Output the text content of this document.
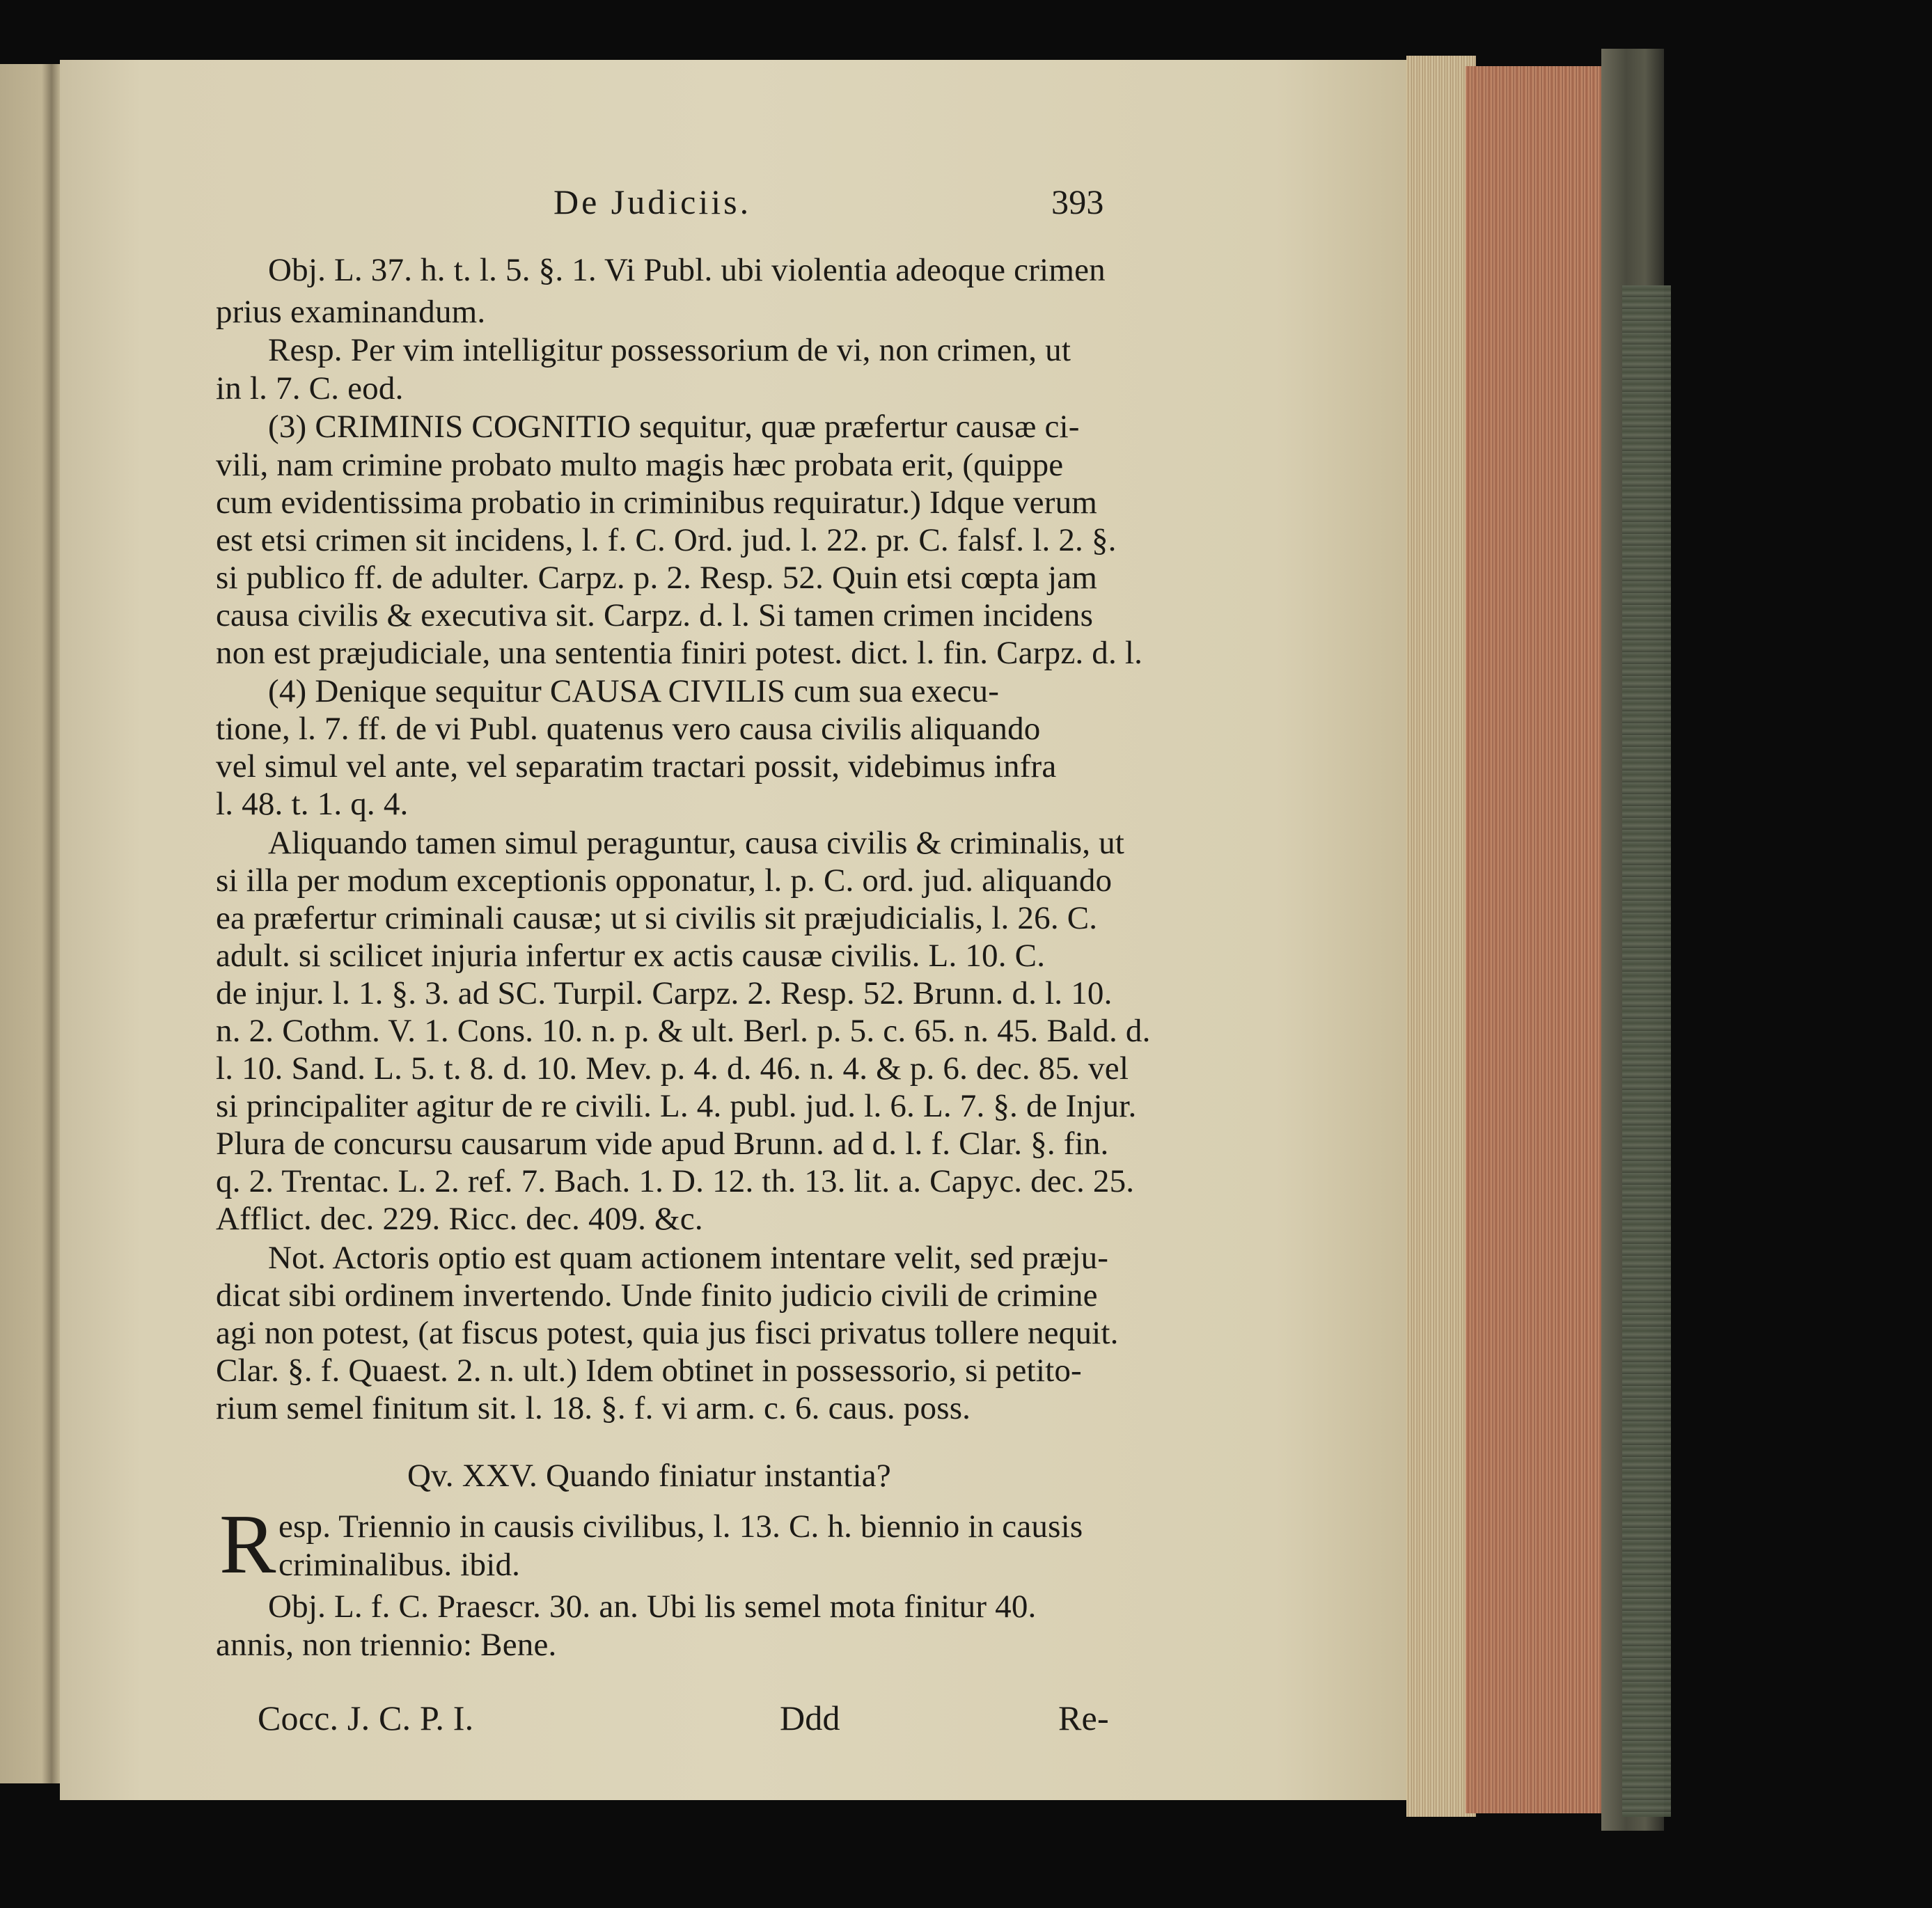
De Judiciis.	393
Obj. L. 37. h. t. l. 5. §. 1. Vi Publ. ubi violentia adeoque crimen
prius examinandum.
Resp. Per vim intelligitur possessorium de vi, non crimen, ut
in l. 7. C. eod.
(3) CRIMINIS COGNITIO sequitur, quæ præfertur causæ ci-
vili, nam crimine probato multo magis hæc probata erit, (quippe
cum evidentissima probatio in criminibus requiratur.) Idque verum
est etsi crimen sit incidens, l. f. C. Ord. jud. l. 22. pr. C. falsf. l. 2. §.
si publico ff. de adulter. Carpz. p. 2. Resp. 52. Quin etsi cœpta jam
causa civilis & executiva sit. Carpz. d. l. Si tamen crimen incidens
non est præjudiciale, una sententia finiri potest. dict. l. fin. Carpz. d. l.
(4) Denique sequitur CAUSA CIVILIS cum sua execu-
tione, l. 7. ff. de vi Publ. quatenus vero causa civilis aliquando
vel simul vel ante, vel separatim tractari possit, videbimus infra
l. 48. t. 1. q. 4.
Aliquando tamen simul peraguntur, causa civilis & criminalis, ut
si illa per modum exceptionis opponatur, l. p. C. ord. jud. aliquando
ea præfertur criminali causæ; ut si civilis sit præjudicialis, l. 26. C.
adult. si scilicet injuria infertur ex actis causæ civilis. L. 10. C.
de injur. l. 1. §. 3. ad SC. Turpil. Carpz. 2. Resp. 52. Brunn. d. l. 10.
n. 2. Cothm. V. 1. Cons. 10. n. p. & ult. Berl. p. 5. c. 65. n. 45. Bald. d.
l. 10. Sand. L. 5. t. 8. d. 10. Mev. p. 4. d. 46. n. 4. & p. 6. dec. 85. vel
si principaliter agitur de re civili. L. 4. publ. jud. l. 6. L. 7. §. de Injur.
Plura de concursu causarum vide apud Brunn. ad d. l. f. Clar. §. fin.
q. 2. Trentac. L. 2. ref. 7. Bach. 1. D. 12. th. 13. lit. a. Capyc. dec. 25.
Afflict. dec. 229. Ricc. dec. 409. &c.
Not. Actoris optio est quam actionem intentare velit, sed præju-
dicat sibi ordinem invertendo. Unde finito judicio civili de crimine
agi non potest, (at fiscus potest, quia jus fisci privatus tollere nequit.
Clar. §. f. Quaest. 2. n. ult.) Idem obtinet in possessorio, si petito-
rium semel finitum sit. l. 18. §. f. vi arm. c. 6. caus. poss.
Qv. XXV. Quando finiatur instantia?
R esp. Triennio in causis civilibus, l. 13. C. h. biennio in causis
criminalibus. ibid.
Obj. L. f. C. Praescr. 30. an. Ubi lis semel mota finitur 40.
annis, non triennio: Bene.
Cocc. J. C. P. I.	Ddd	Re-
